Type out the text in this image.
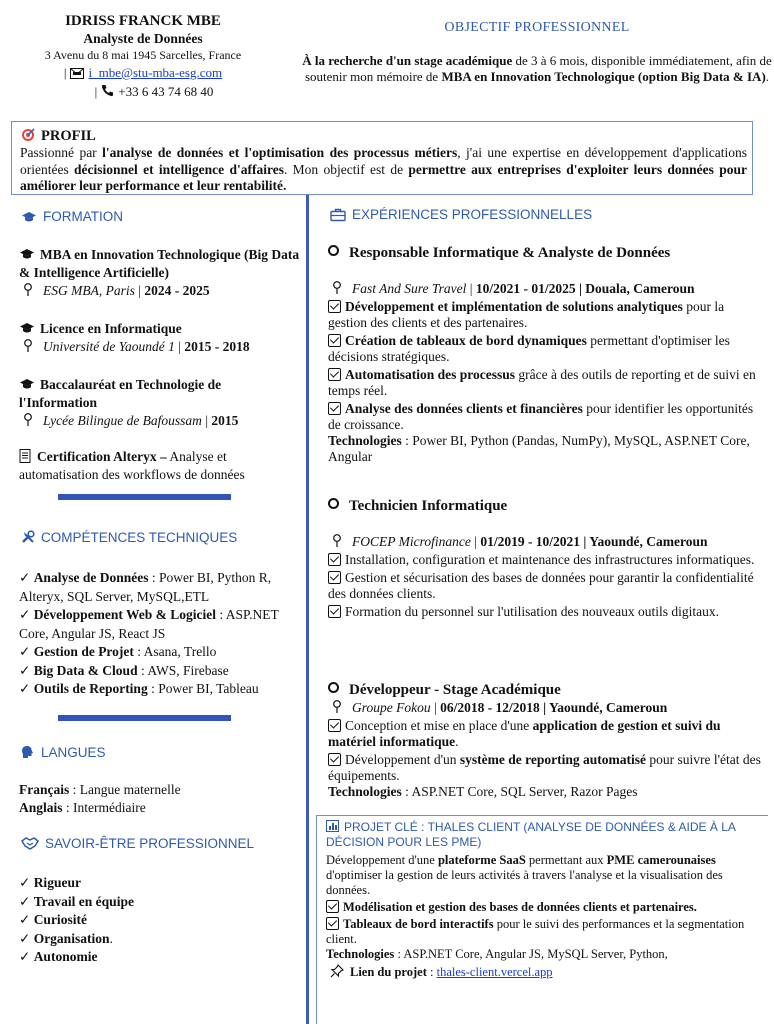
IDRISS FRANCK MBE
Analyste de Données
3 Avenu du 8 mai 1945 Sarcelles, France
| i_mbe@stu-mba-esg.com
| +33 6 43 74 68 40
OBJECTIF PROFESSIONNEL
À la recherche d'un stage académique de 3 à 6 mois, disponible immédiatement, afin de soutenir mon mémoire de MBA en Innovation Technologique (option Big Data & IA).
PROFIL
Passionné par l'analyse de données et l'optimisation des processus métiers, j'ai une expertise en développement d'applications orientées décisionnel et intelligence d'affaires. Mon objectif est de permettre aux entreprises d'exploiter leurs données pour améliorer leur performance et leur rentabilité.
FORMATION
MBA en Innovation Technologique (Big Data & Intelligence Artificielle)
ESG MBA, Paris | 2024 - 2025
Licence en Informatique
Université de Yaoundé 1 | 2015 - 2018
Baccalauréat en Technologie de l'Information
Lycée Bilingue de Bafoussam | 2015
Certification Alteryx – Analyse et automatisation des workflows de données
COMPÉTENCES TECHNIQUES
✓ Analyse de Données : Power BI, Python R, Alteryx, SQL Server, MySQL,ETL
✓ Développement Web & Logiciel : ASP.NET Core, Angular JS, React JS
✓ Gestion de Projet : Asana, Trello
✓ Big Data & Cloud : AWS, Firebase
✓ Outils de Reporting : Power BI, Tableau
LANGUES
Français : Langue maternelle
Anglais : Intermédiaire
SAVOIR-ÊTRE PROFESSIONNEL
✓ Rigueur
✓ Travail en équipe
✓ Curiosité
✓ Organisation.
✓ Autonomie
EXPÉRIENCES PROFESSIONNELLES
Responsable Informatique & Analyste de Données
Fast And Sure Travel | 10/2021 - 01/2025 | Douala, Cameroun
Développement et implémentation de solutions analytiques pour la gestion des clients et des partenaires.
Création de tableaux de bord dynamiques permettant d'optimiser les décisions stratégiques.
Automatisation des processus grâce à des outils de reporting et de suivi en temps réel.
Analyse des données clients et financières pour identifier les opportunités de croissance.
Technologies : Power BI, Python (Pandas, NumPy), MySQL, ASP.NET Core, Angular
Technicien Informatique
FOCEP Microfinance | 01/2019 - 10/2021 | Yaoundé, Cameroun
Installation, configuration et maintenance des infrastructures informatiques.
Gestion et sécurisation des bases de données pour garantir la confidentialité des données clients.
Formation du personnel sur l'utilisation des nouveaux outils digitaux.
Développeur - Stage Académique
Groupe Fokou | 06/2018 - 12/2018 | Yaoundé, Cameroun
Conception et mise en place d'une application de gestion et suivi du matériel informatique.
Développement d'un système de reporting automatisé pour suivre l'état des équipements.
Technologies : ASP.NET Core, SQL Server, Razor Pages
PROJET CLÉ : THALES CLIENT (ANALYSE DE DONNÉES & AIDE À LA DÉCISION POUR LES PME)
Développement d'une plateforme SaaS permettant aux PME camerounaises d'optimiser la gestion de leurs activités à travers l'analyse et la visualisation des données.
Modélisation et gestion des bases de données clients et partenaires.
Tableaux de bord interactifs pour le suivi des performances et la segmentation client.
Technologies : ASP.NET Core, Angular JS, MySQL Server, Python,
Lien du projet : thales-client.vercel.app
